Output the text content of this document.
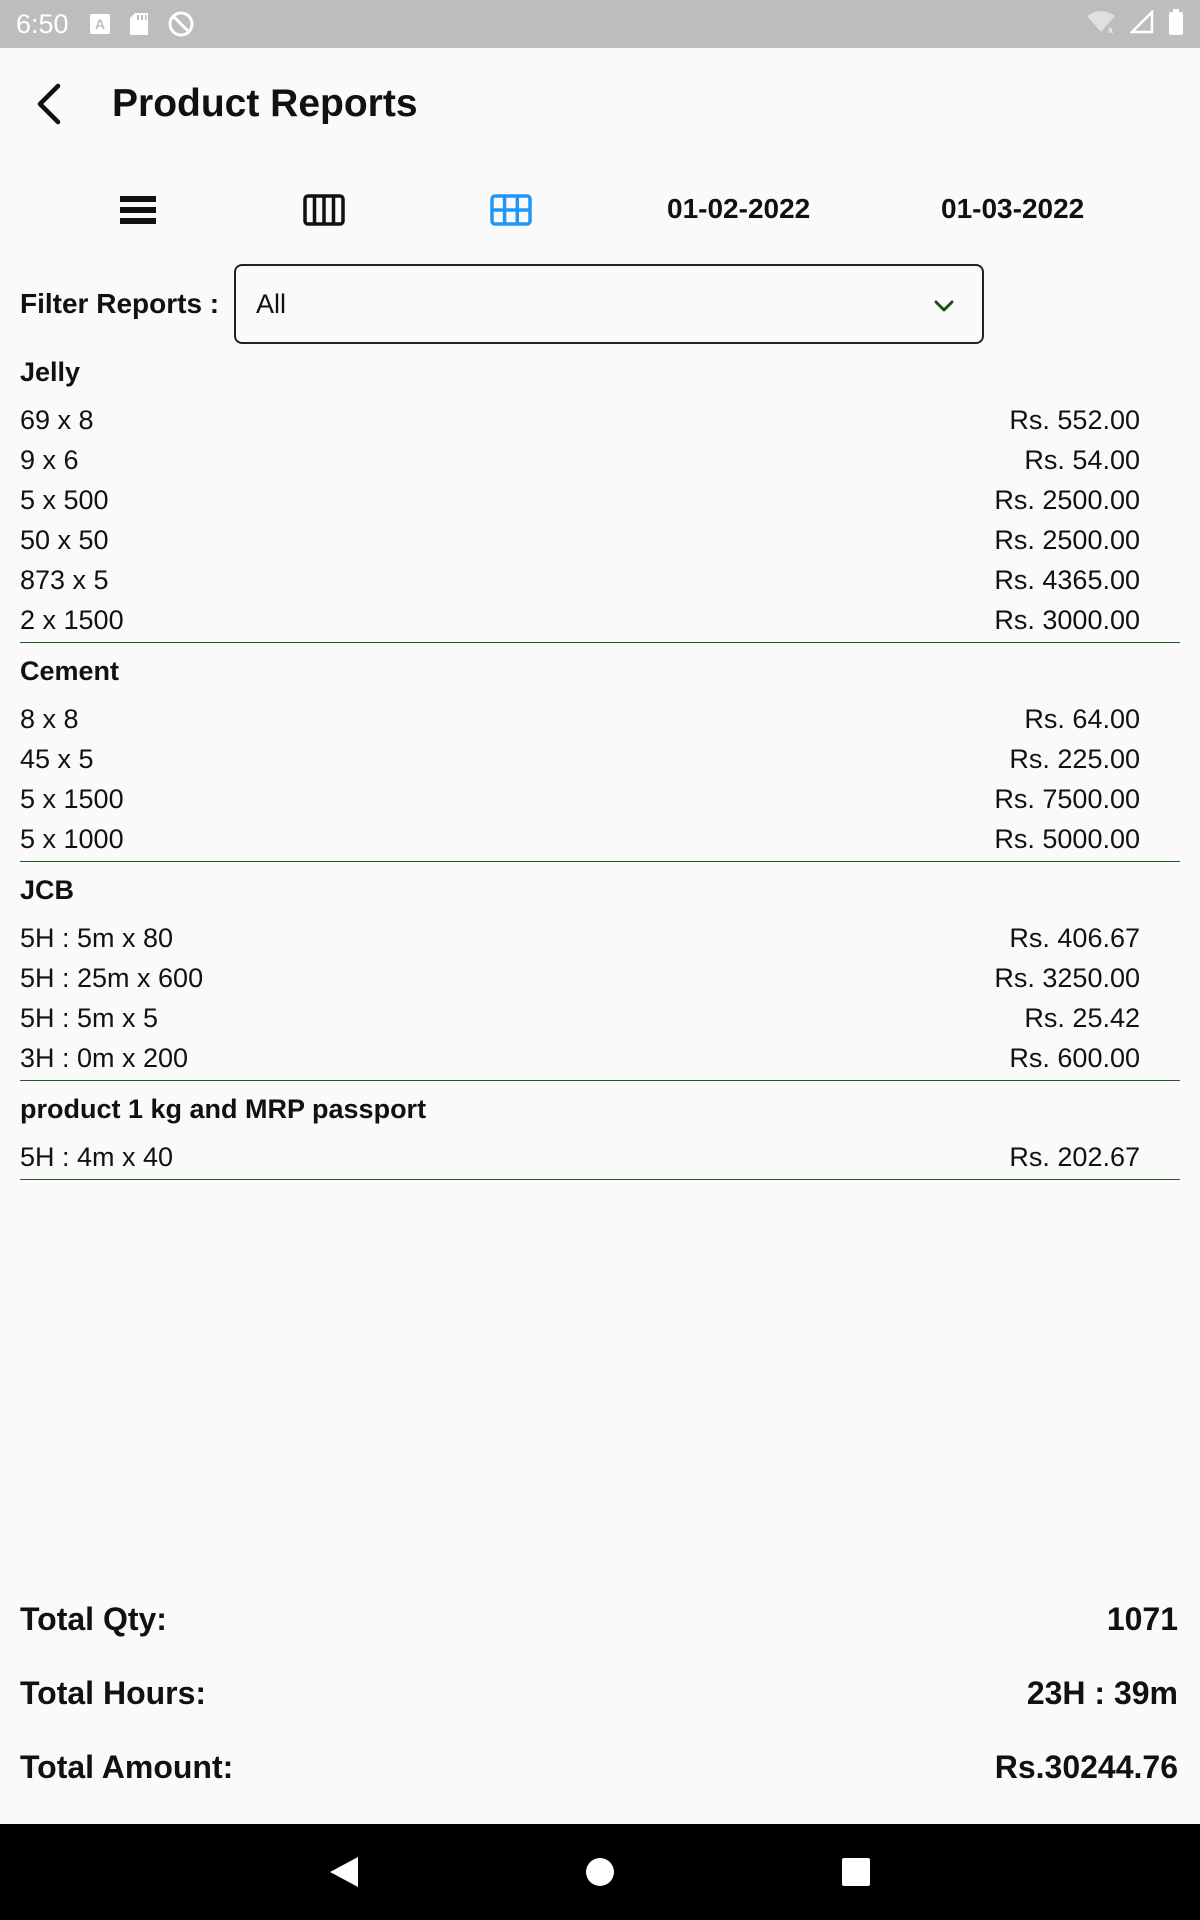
6:50 A	x
Product Reports
01-02-2022	01-03-2022
Filter Reports : All
Jelly
69 x 8	Rs. 552.00
9 x 6	Rs. 54.00
5 x 500	Rs. 2500.00
50 x 50	Rs. 2500.00
873 x 5	Rs. 4365.00
2 x 1500	Rs. 3000.00
Cement
8 x 8	Rs. 64.00
45 x 5	Rs. 225.00
5 x 1500	Rs. 7500.00
5 x 1000	Rs. 5000.00
JCB
5H : 5m x 80	Rs. 406.67
5H : 25m x 600	Rs. 3250.00
5H : 5m x 5	Rs. 25.42
3H : 0m x 200	Rs. 600.00
product 1 kg and MRP passport
5H : 4m x 40	Rs. 202.67
Total Qty:	1071
Total Hours:	23H : 39m
Total Amount:	Rs.30244.76
